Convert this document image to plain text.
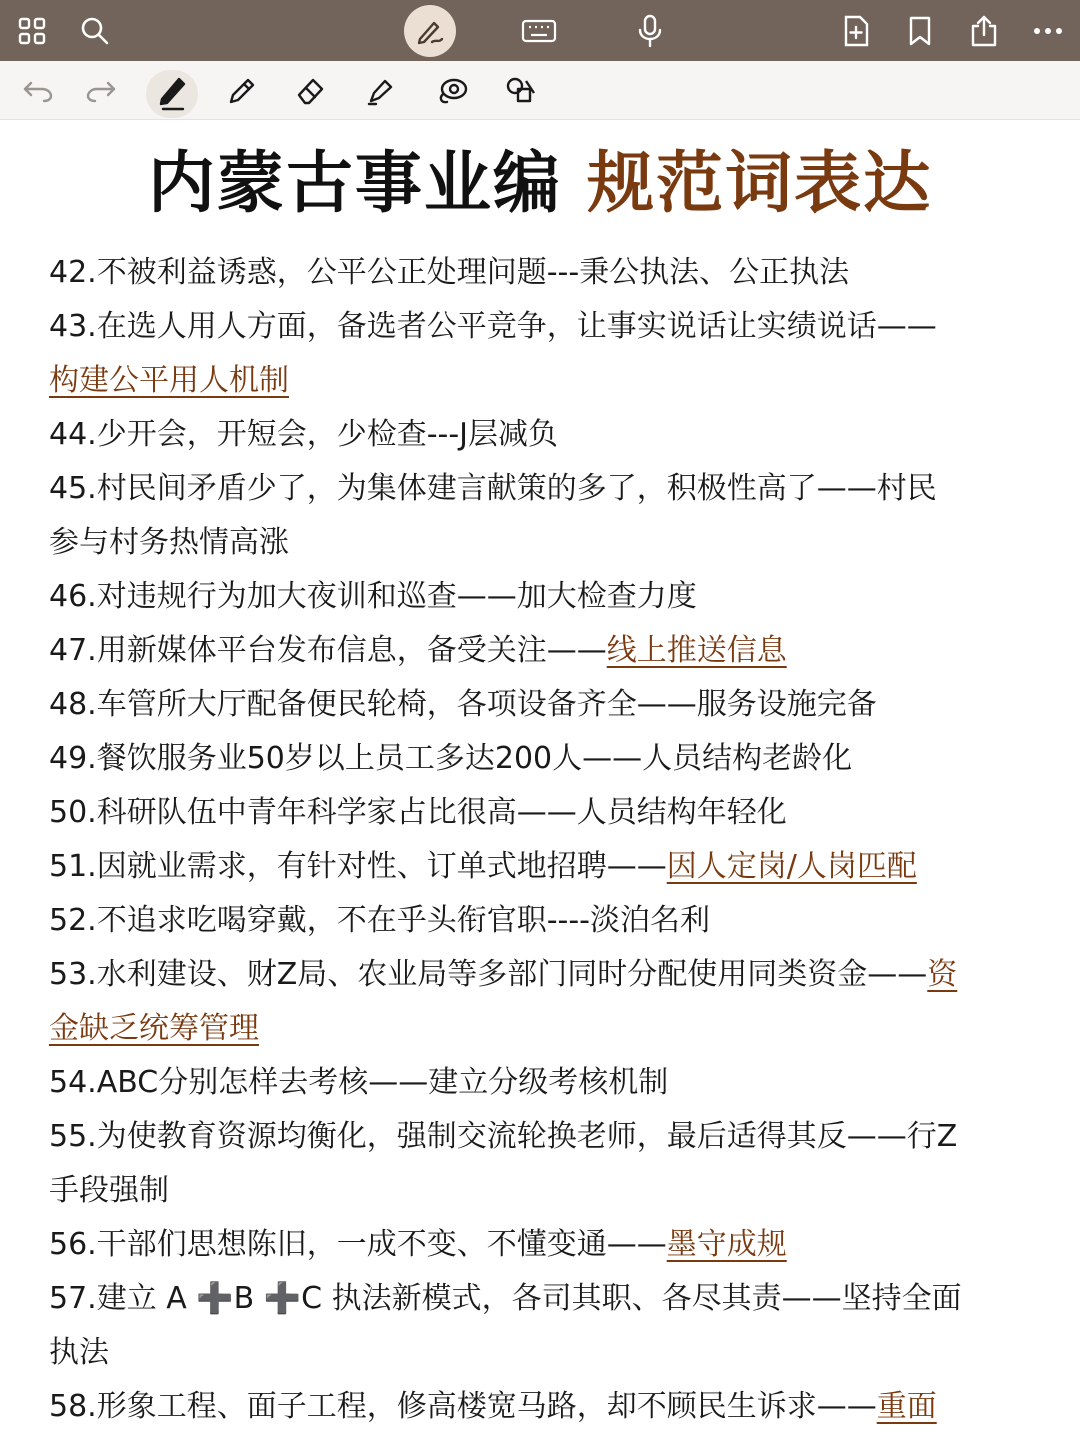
内蒙古事业编 规范词表达
42.不被利益诱惑，公平公正处理问题---秉公执法、公正执法
43.在选人用人方面，备选者公平竞争，让事实说话让实绩说话——
构建公平用人机制
44.少开会，开短会，少检查---J层减负
45.村民间矛盾少了，为集体建言献策的多了，积极性高了——村民
参与村务热情高涨
46.对违规行为加大夜训和巡查——加大检查力度
47.用新媒体平台发布信息，备受关注——线上推送信息
48.车管所大厅配备便民轮椅，各项设备齐全——服务设施完备
49.餐饮服务业50岁以上员工多达200人——人员结构老龄化
50.科研队伍中青年科学家占比很高——人员结构年轻化
51.因就业需求，有针对性、订单式地招聘——因人定岗/人岗匹配
52.不追求吃喝穿戴，不在乎头衔官职----淡泊名利
53.水利建设、财Z局、农业局等多部门同时分配使用同类资金——资
金缺乏统筹管理
54.ABC分别怎样去考核——建立分级考核机制
55.为使教育资源均衡化，强制交流轮换老师，最后适得其反——行Z
手段强制
56.干部们思想陈旧，一成不变、不懂变通——墨守成规
57.建立 A ➕B ➕C 执法新模式，各司其职、各尽其责——坚持全面
执法
58.形象工程、面子工程，修高楼宽马路，却不顾民生诉求——重面
